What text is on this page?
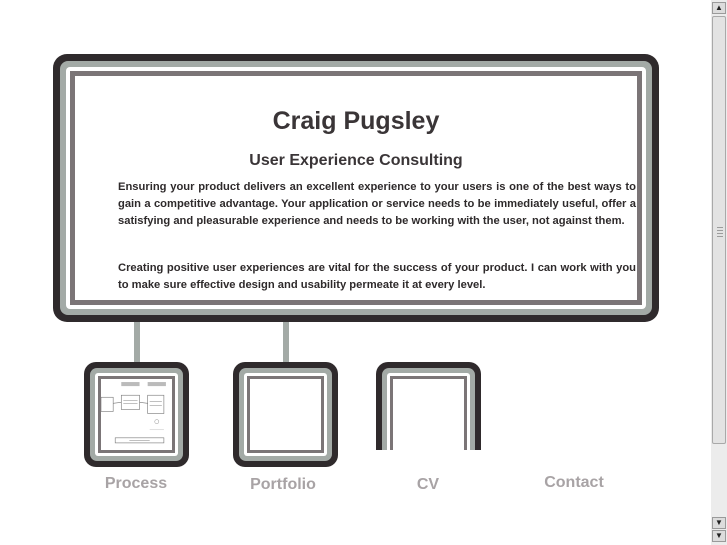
Craig Pugsley
User Experience Consulting

Ensuring your product delivers an excellent experience to your users is one of the best ways to gain a competitive advantage. Your application or service needs to be immediately useful, offer a satisfying and pleasurable experience and needs to be working with the user, not against them.

Creating positive user experiences are vital for the success of your product. I can work with you to make sure effective design and usability permeate it at every level.

Process	Portfolio	CV	Contact
▲
▼
▼
